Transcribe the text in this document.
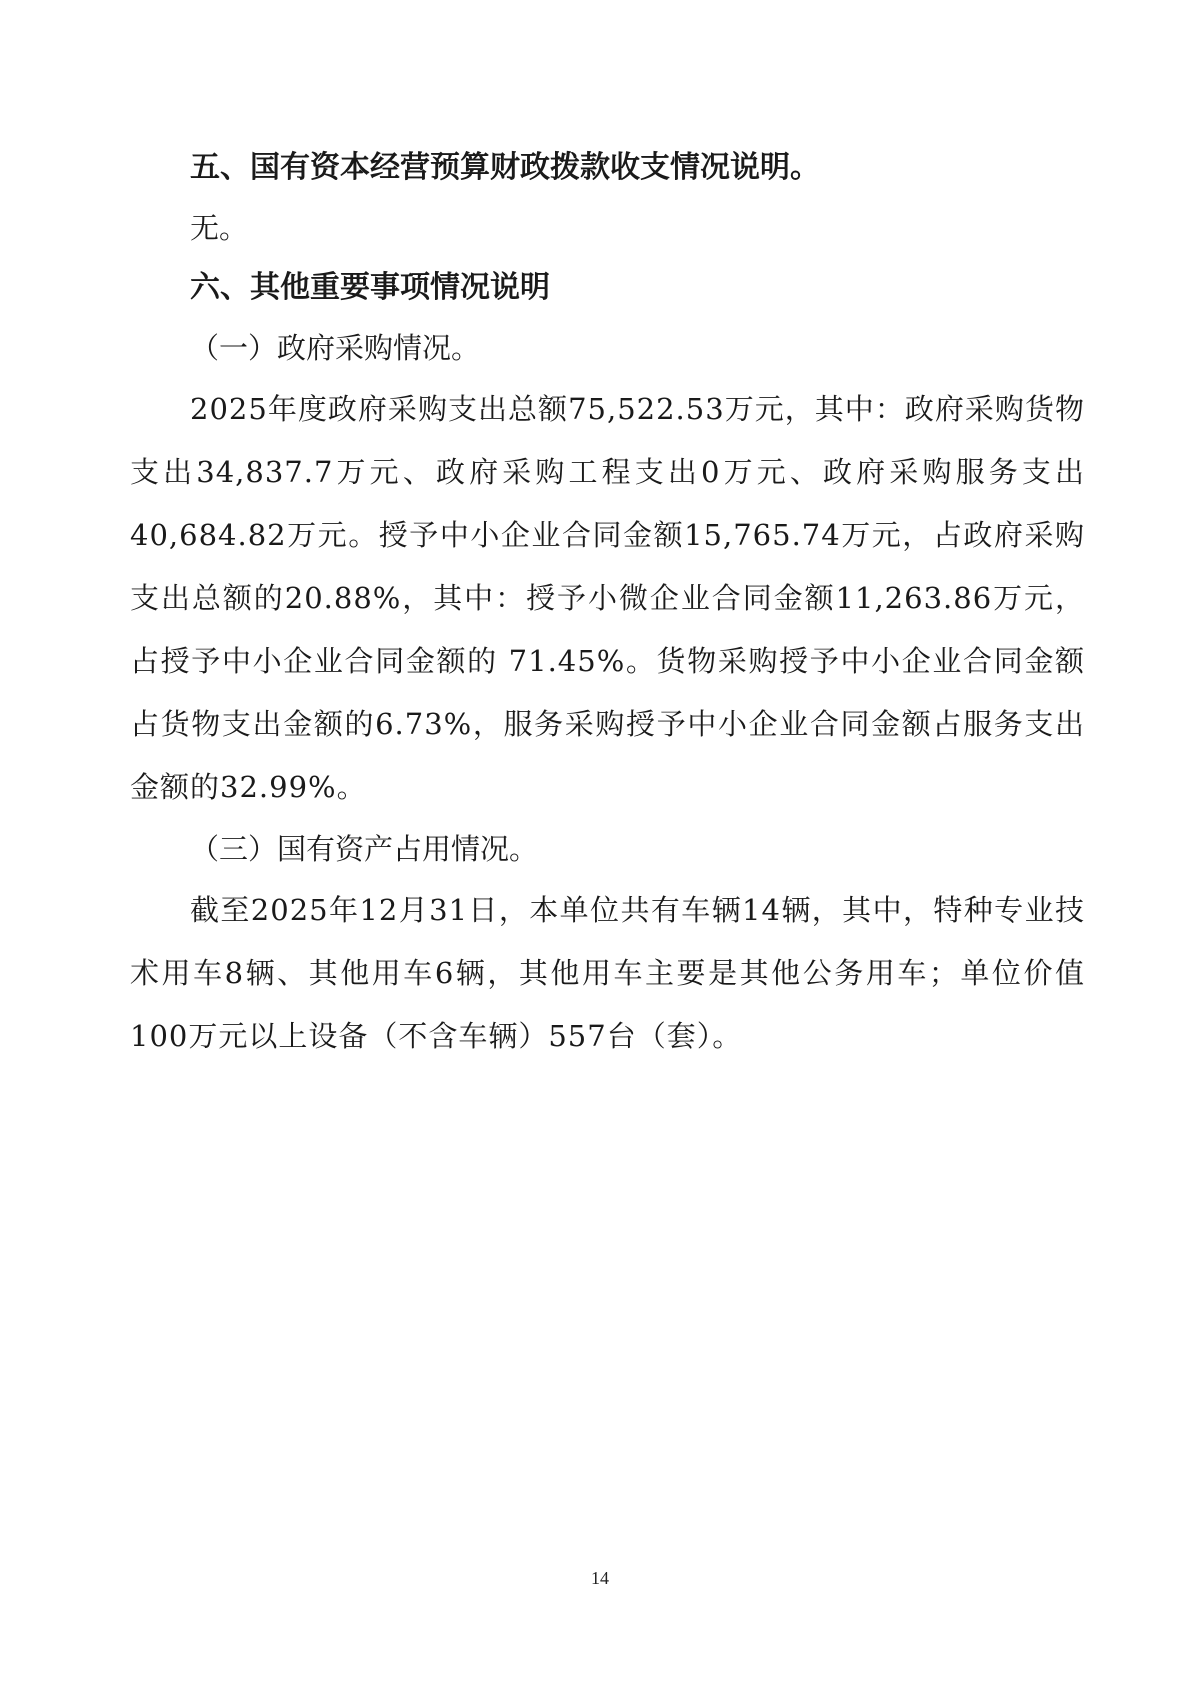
五、国有资本经营预算财政拨款收支情况说明。

无。

六、其他重要事项情况说明

（一）政府采购情况。

2025年度政府采购支出总额75,522.53万元，其中：政府采购货物支出34,837.7万元、政府采购工程支出0万元、政府采购服务支出40,684.82万元。授予中小企业合同金额15,765.74万元，占政府采购支出总额的20.88%，其中：授予小微企业合同金额11,263.86万元，占授予中小企业合同金额的 71.45%。货物采购授予中小企业合同金额占货物支出金额的6.73%，服务采购授予中小企业合同金额占服务支出金额的32.99%。

（三）国有资产占用情况。

截至2025年12月31日，本单位共有车辆14辆，其中，特种专业技术用车8辆、其他用车6辆，其他用车主要是其他公务用车；单位价值100万元以上设备（不含车辆）557台（套）。

14
